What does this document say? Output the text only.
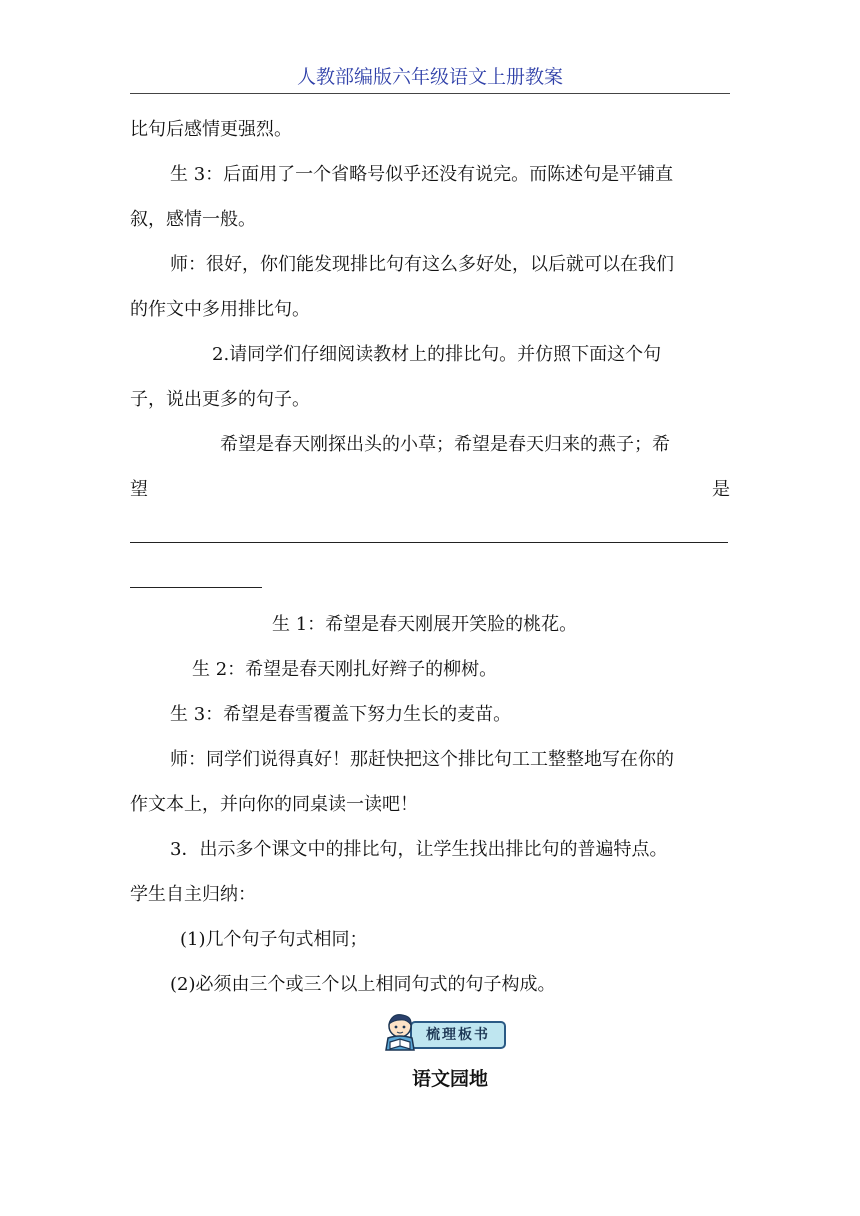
人教部编版六年级语文上册教案
比句后感情更强烈。
生 3：后面用了一个省略号似乎还没有说完。而陈述句是平铺直
叙，感情一般。
师：很好，你们能发现排比句有这么多好处，以后就可以在我们
的作文中多用排比句。
2.请同学们仔细阅读教材上的排比句。并仿照下面这个句
子，说出更多的句子。
希望是春天刚探出头的小草；希望是春天归来的燕子；希
望	是
生 1：希望是春天刚展开笑脸的桃花。
生 2：希望是春天刚扎好辫子的柳树。
生 3：希望是春雪覆盖下努力生长的麦苗。
师：同学们说得真好！那赶快把这个排比句工工整整地写在你的
作文本上，并向你的同桌读一读吧！
3．出示多个课文中的排比句，让学生找出排比句的普遍特点。
学生自主归纳：
(1)几个句子句式相同；
(2)必须由三个或三个以上相同句式的句子构成。
梳理板书
语文园地
